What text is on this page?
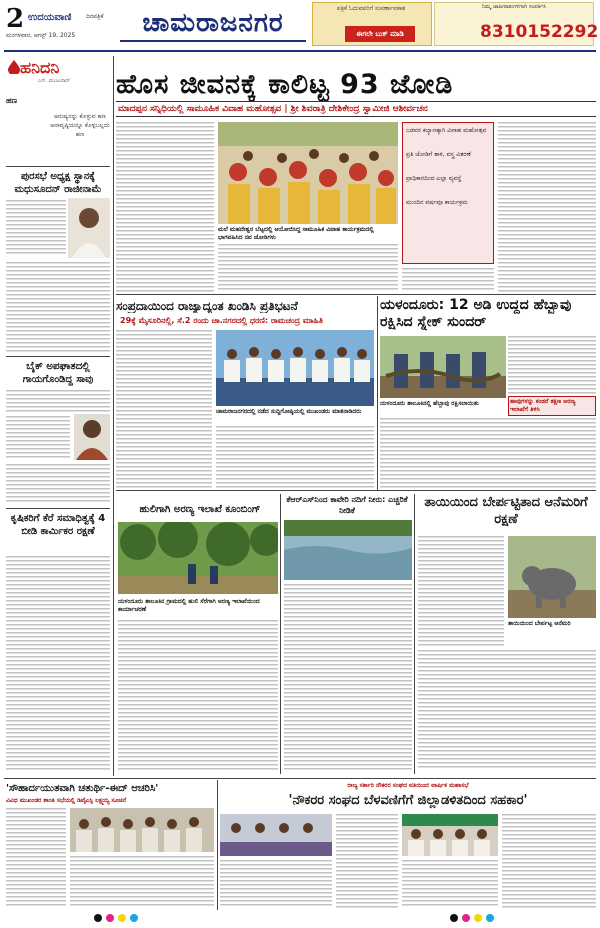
2 ಉದಯವಾಣಿ ದಿನಪತ್ರಿಕೆ
ಮಂಗಳವಾರ, ಆಗಸ್ಟ್ 19, 2025	ಚಾಮರಾಜನಗರ	ಪತ್ರಿಕೆ ಓದುವವರಿಗೆ ಸುವರ್ಣಾವಕಾಶ
ಈಗಲೇ ಬುಕ್ ಮಾಡಿ
ನಿಮ್ಮ ಜಾಹೀರಾತುಗಳಿಗಾಗಿ ಸಂಪರ್ಕಿಸಿ
8310152292
ಹನಿದನಿ
ಎನ್. ಮಂಜುನಾಥ್
ಹಣ
ಆನುಷ್ಯನನ್ನು ಕೊಳ್ಳುವ ಹಣ ಅನಾವೃಷ್ಠಿಯನ್ನೂ ಕೊಳ್ಳಬಲ್ಲದು ಹಣ
ಪುರಸಭೆ ಅಧ್ಯಕ್ಷ ಸ್ಥಾನಕ್ಕೆ ಮಧುಸೂದನ್ ರಾಜೀನಾಮೆ
ಬೈಕ್ ಅಪಘಾತದಲ್ಲಿ ಗಾಯಗೊಂಡಿದ್ದ ಸಾವು
ಕೃಷಿಕರಿಗೆ ಕೆರೆ ಸಮಾಧಿತ್ವಕ್ಕೆ 4 ಬೀಡಿ ಕಾರ್ಮಿಕರ ರಕ್ಷಣೆ
ಹೊಸ ಜೀವನಕ್ಕೆ ಕಾಲಿಟ್ಟ 93 ಜೋಡಿ
ಮಾದಪ್ಪನ ಸನ್ನಿಧಿಯಲ್ಲಿ ಸಾಮೂಹಿಕ ವಿವಾಹ ಮಹೋತ್ಸವ | ಶ್ರೀ ಶಿವರಾತ್ರಿ ದೇಶಿಕೇಂದ್ರ ಸ್ವಾಮೀಜಿ ಆಶೀರ್ವಚನ
ಮಲೆ ಮಹದೇಶ್ವರ ಬೆಟ್ಟದಲ್ಲಿ ಆಯೋಜಿಸಿದ್ದ ಸಾಮೂಹಿಕ ವಿವಾಹ ಕಾರ್ಯಕ್ರಮದಲ್ಲಿ ಭಾಗವಹಿಸಿದ ನವ ಜೋಡಿಗಳು
ಬಡವರ ಕಲ್ಯಾಣಕ್ಕಾಗಿ ವಿವಾಹ ಮಹೋತ್ಸವ
ಪ್ರತಿ ಜೋಡಿಗೆ ತಾಳಿ, ವಸ್ತ್ರ ವಿತರಣೆ
ಪ್ರಾಧಿಕಾರದಿಂದ ಎಲ್ಲಾ ವ್ಯವಸ್ಥೆ
ಮುಂದಿನ ವರ್ಷವೂ ಕಾರ್ಯಕ್ರಮ
ಸಂಪ್ರದಾಯಿಂದ ರಾಜ್ಯಾದ್ಯಂತ ಖಂಡಿಸಿ ಪ್ರತಿಭಟನೆ
29ಕ್ಕೆ ಮೈಸೂರಿನಲ್ಲಿ, ಸೆ.2 ರಂದು ಚಾ.ನಗರದಲ್ಲಿ ಧರಣಿ: ರಾಮಚಂದ್ರ ಮಾಹಿತಿ
ಚಾಮರಾಜನಗರದಲ್ಲಿ ನಡೆದ ಸುದ್ದಿಗೋಷ್ಠಿಯಲ್ಲಿ ಮುಖಂಡರು ಮಾತನಾಡಿದರು
ಯಳಂದೂರು: 12 ಅಡಿ ಉದ್ದದ ಹೆಬ್ಬಾವು ರಕ್ಷಿಸಿದ ಸ್ನೇಕ್ ಸುಂದರ್
ಯಳಂದೂರು ತಾಲೂಕಿನಲ್ಲಿ ಹೆಬ್ಬಾವು ರಕ್ಷಿಸಲಾಯಿತು	ಹಾವುಗಳನ್ನು ಕಂಡರೆ ತಕ್ಷಣ ಅರಣ್ಯ ಇಲಾಖೆಗೆ ತಿಳಿಸಿ
ಹುಲಿಗಾಗಿ ಅರಣ್ಯ ಇಲಾಖೆ ಕೂಂಬಿಂಗ್
ಯಳಂದೂರು ತಾಲೂಕಿನ ಗ್ರಾಮದಲ್ಲಿ ಹುಲಿ ಸೆರೆಗಾಗಿ ಅರಣ್ಯ ಇಲಾಖೆಯಿಂದ ಕಾರ್ಯಾಚರಣೆ
ಕೆಆರ್‌ಎಸ್‌ನಿಂದ ಕಾವೇರಿ ನದಿಗೆ ನೀರು: ಎಚ್ಚರಿಕೆ ನೀಡಿಕೆ
ತಾಯಿಯಿಂದ ಬೇರ್ಪಟ್ಟಿತಾದ ಆನೆಮರಿಗೆ ರಕ್ಷಣೆ
ತಾಯಿಯಿಂದ ಬೇರ್ಪಟ್ಟ ಆನೆಮರಿ
'ಸೌಹಾರ್ದಯುತವಾಗಿ ಚತುರ್ಥಿ-ಈದ್ ಆಚರಿಸಿ'
ವಿವಿಧ ಮುಖಂಡರ ಶಾಂತಿ ಸಭೆಯಲ್ಲಿ ಡಿವೈಎಸ್ಪಿ ಲಕ್ಷ್ಮಯ್ಯ ಸೂಚನೆ
ರಾಜ್ಯ ಸರ್ಕಾರಿ ನೌಕರರ ಸಂಘದ ವತಿಯಿಂದ ವಾರ್ಷಿಕ ಮಹಾಸಭೆ
'ನೌಕರರ ಸಂಘದ ಬೆಳವಣಿಗೆಗೆ ಜಿಲ್ಲಾಡಳಿತದಿಂದ ಸಹಕಾರ'
